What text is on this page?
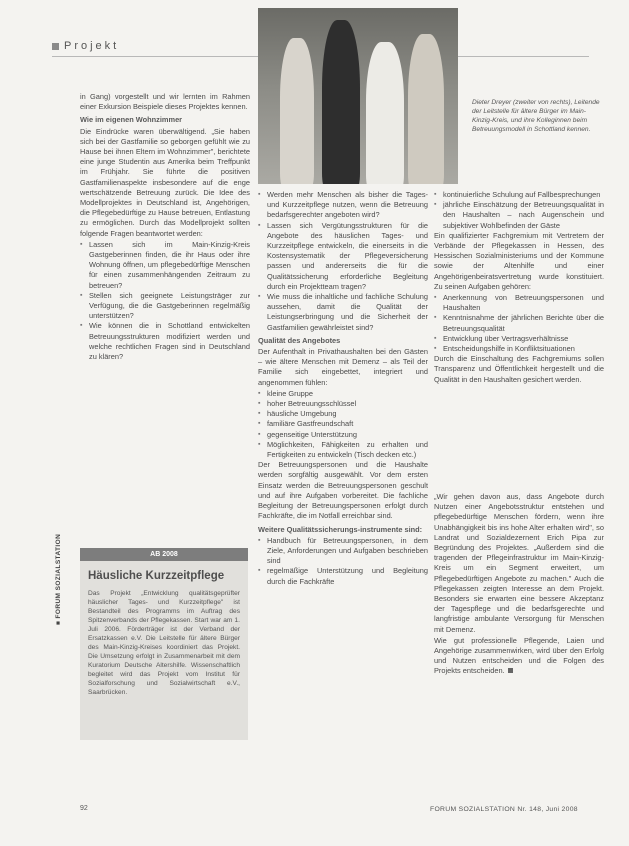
Projekt
Dieter Dreyer (zweiter von rechts), Leitende der Leitstelle für ältere Bürger im Main-Kinzig-Kreis, und ihre Kolleginnen beim Betreuungsmodell in Schottland kennen.

in Gang) vorgestellt und wir lernten im Rahmen einer Exkursion Beispiele dieses Projektes kennen.

Wie im eigenen Wohnzimmer

Die Eindrücke waren überwältigend. „Sie haben sich bei der Gastfamilie so geborgen gefühlt wie zu Hause bei ihnen Eltern im Wohnzimmer", berichtete eine junge Studentin aus Amerika beim Treffpunkt im Frühjahr. Sie führte die positiven Gastfamilienaspekte insbesondere auf die enge wertschätzende Betreuung zurück. Die Idee des Modellprojektes in Deutschland ist, Angehörigen, die Pflegebedürftige zu Hause betreuen, Entlastung zu ermöglichen. Durch das Modellprojekt sollten folgende Fragen beantwortet werden:

▪ Lassen sich im Main-Kinzig-Kreis Gastgeberinnen finden, die ihr Haus oder ihre Wohnung öffnen, um pflegebedürftige Menschen für einen zusammenhängenden Zeitraum zu betreuen?
▪ Stellen sich geeignete Leistungsträger zur Verfügung, die die Gastgeberinnen regelmäßig unterstützen?
▪ Wie können die in Schottland entwickelten Betreuungsstrukturen modifiziert werden und welche rechtlichen Fragen sind in Deutschland zu klären?
AB 2008
Häusliche Kurzzeitpflege
Das Projekt „Entwicklung qualitätsgeprüfter häuslicher Tages- und Kurzzeitpflege" ist Bestandteil des Programms im Auftrag des Spitzenverbands der Pflegekassen. Start war am 1. Juli 2006. Förderträger ist der Verband der Ersatzkassen e.V. Die Leitstelle für ältere Bürger des Main-Kinzig-Kreises koordiniert das Projekt. Die Umsetzung erfolgt in Zusammenarbeit mit dem Kuratorium Deutsche Altershilfe. Wissenschaftlich begleitet wird das Projekt vom Institut für Sozialforschung und Sozialwirtschaft e.V., Saarbrücken.
■ FORUM SOZIALSTATION
▪ Werden mehr Menschen als bisher die Tages- und Kurzzeitpflege nutzen, wenn die Betreuung bedarfsgerechter angeboten wird?
▪ Lassen sich Vergütungsstrukturen für die Angebote des häuslichen Tages- und Kurzzeitpflege entwickeln, die einerseits in die Kostensystematik der Pflegeversicherung passen und andererseits die für die Qualitätssicherung erforderliche Begleitung durch ein Projektteam tragen?
▪ Wie muss die inhaltliche und fachliche Schulung aussehen, damit die Qualität der Leistungserbringung und die Sicherheit der Gastfamilien gewährleistet sind?

Qualität des Angebotes

Der Aufenthalt in Privathaushalten bei den Gästen – wie ältere Menschen mit Demenz – als Teil der Familie sich eingebettet, integriert und angenommen fühlen:

▪ kleine Gruppe
▪ hoher Betreuungsschlüssel
▪ häusliche Umgebung
▪ familiäre Gastfreundschaft
▪ gegenseitige Unterstützung
▪ Möglichkeiten, Fähigkeiten zu erhalten und Fertigkeiten zu entwickeln (Tisch decken etc.)

Der Betreuungspersonen und die Haushalte werden sorgfältig ausgewählt. Vor dem ersten Einsatz werden die Betreuungspersonen geschult und auf ihre Aufgaben vorbereitet. Die fachliche Begleitung der Betreuungspersonen erfolgt durch Fachkräfte, die im Notfall erreichbar sind.

Weitere Qualitätssicherungs-instrumente sind:

▪ Handbuch für Betreuungspersonen, in dem Ziele, Anforderungen und Aufgaben beschrieben sind
▪ regelmäßige Unterstützung und Begleitung durch die Fachkräfte
▪ kontinuierliche Schulung auf Fallbesprechungen
▪ jährliche Einschätzung der Betreuungsqualität in den Haushalten – nach Augenschein und subjektiver Wohlbefinden der Gäste

Ein qualifizierter Fachgremium mit Vertretern der Verbände der Pflegekassen in Hessen, des Hessischen Sozialministeriums und der Kommune sowie der Altenhilfe und einer Angehörigenbeiratsvertretung wurde konstituiert. Zu seinen Aufgaben gehören:

▪ Anerkennung von Betreuungspersonen und Haushalten
▪ Kenntnisnahme der jährlichen Berichte über die Betreuungsqualität
▪ Entwicklung über Vertragsverhältnisse
▪ Entscheidungshilfe in Konfliktsituationen

Durch die Einschaltung des Fachgremiums sollen Transparenz und Öffentlichkeit hergestellt und die Qualität in den Haushalten gesichert werden.

„Wir gehen davon aus, dass Angebote durch Nutzen einer Angebotsstruktur entstehen und pflegebedürftige Menschen fördern, wenn ihre Unabhängigkeit bis ins hohe Alter erhalten wird", so Landrat und Sozialdezernent Erich Pipa zur Begründung des Projektes. „Außerdem sind die tragenden der Pflegeinfrastruktur im Main-Kinzig-Kreis um ein Segment erweitert, um Pflegebedürftigen Angebote zu machen." Auch die Pflegekassen zeigten Interesse an dem Projekt. Besonders sie erwarten eine bessere Akzeptanz der Tagespflege und die bedarfsgerechte und langfristige ambulante Versorgung für Menschen mit Demenz.

Wie gut professionelle Pflegende, Laien und Angehörige zusammenwirken, wird über den Erfolg und Nutzen entscheiden und die Folgen des Projekts entscheiden.

92	FORUM SOZIALSTATION Nr. 148, Juni 2008
